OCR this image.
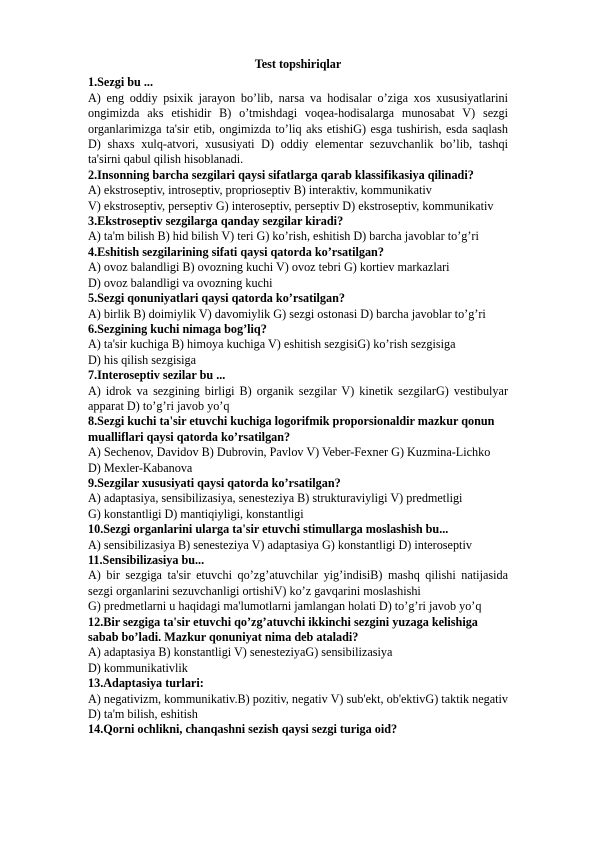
Test topshiriqlar

1.Sezgi bu ...

A) eng oddiy psixik jarayon bo’lib, narsa va hodisalar o’ziga xos xususiyatlarini ongimizda aks etishidir B) o’tmishdagi voqea-hodisalarga munosabat V) sezgi organlarimizga ta'sir etib, ongimizda to’liq aks etishiG) esga tushirish, esda saqlash D) shaxs xulq-atvori, xususiyati D) oddiy elementar sezuvchanlik bo’lib, tashqi ta'sirni qabul qilish hisoblanadi.

2.Insonning barcha sezgilari qaysi sifatlarga qarab klassifikasiya qilinadi?

A) ekstroseptiv, introseptiv, proprioseptiv B) interaktiv, kommunikativ

V) ekstroseptiv, perseptiv G) interoseptiv, perseptiv D) ekstroseptiv, kommunikativ

3.Ekstroseptiv sezgilarga qanday sezgilar kiradi?

A) ta'm bilish B) hid bilish V) teri G) ko’rish, eshitish D) barcha javoblar to’g’ri

4.Eshitish sezgilarining sifati qaysi qatorda ko’rsatilgan?

A) ovoz balandligi B) ovozning kuchi V) ovoz tebri G) kortiev markazlari

D) ovoz balandligi va ovozning kuchi

5.Sezgi qonuniyatlari qaysi qatorda ko’rsatilgan?

A) birlik B) doimiylik V) davomiylik G) sezgi ostonasi D) barcha javoblar to’g’ri

6.Sezgining kuchi nimaga bog’liq?

A) ta'sir kuchiga B) himoya kuchiga V) eshitish sezgisiG) ko’rish sezgisiga

D) his qilish sezgisiga

7.Interoseptiv sezilar bu ...

A) idrok va sezgining birligi B) organik sezgilar V) kinetik sezgilarG) vestibulyar apparat D) to’g’ri javob yo’q

8.Sezgi kuchi ta'sir etuvchi kuchiga logorifmik proporsionaldir mazkur qonun mualliflari qaysi qatorda ko’rsatilgan?

A) Sechenov, Davidov B) Dubrovin, Pavlov V) Veber-Fexner G) Kuzmina-Lichko

D) Mexler-Kabanova

9.Sezgilar xususiyati qaysi qatorda ko’rsatilgan?

A) adaptasiya, sensibilizasiya, senesteziya B) strukturaviyligi V) predmetligi

G) konstantligi D) mantiqiyligi, konstantligi

10.Sezgi organlarini ularga ta'sir etuvchi stimullarga moslashish bu...

A) sensibilizasiya B) senesteziya V) adaptasiya G) konstantligi D) interoseptiv

11.Sensibilizasiya bu...

A) bir sezgiga ta'sir etuvchi qo’zg’atuvchilar yig’indisiB) mashq qilishi natijasida sezgi organlarini sezuvchanligi ortishiV) ko’z gavqarini moslashishi

G) predmetlarni u haqidagi ma'lumotlarni jamlangan holati D) to’g’ri javob yo’q

12.Bir sezgiga ta'sir etuvchi qo’zg’atuvchi ikkinchi sezgini yuzaga kelishiga sabab bo’ladi. Mazkur qonuniyat nima deb ataladi?

A) adaptasiya B) konstantligi V) senesteziyaG) sensibilizasiya

D) kommunikativlik

13.Adaptasiya turlari:

A) negativizm, kommunikativ.B) pozitiv, negativ V) sub'ekt, ob'ektivG) taktik negativ D) ta'm bilish, eshitish

14.Qorni ochlikni, chanqashni sezish qaysi sezgi turiga oid?
